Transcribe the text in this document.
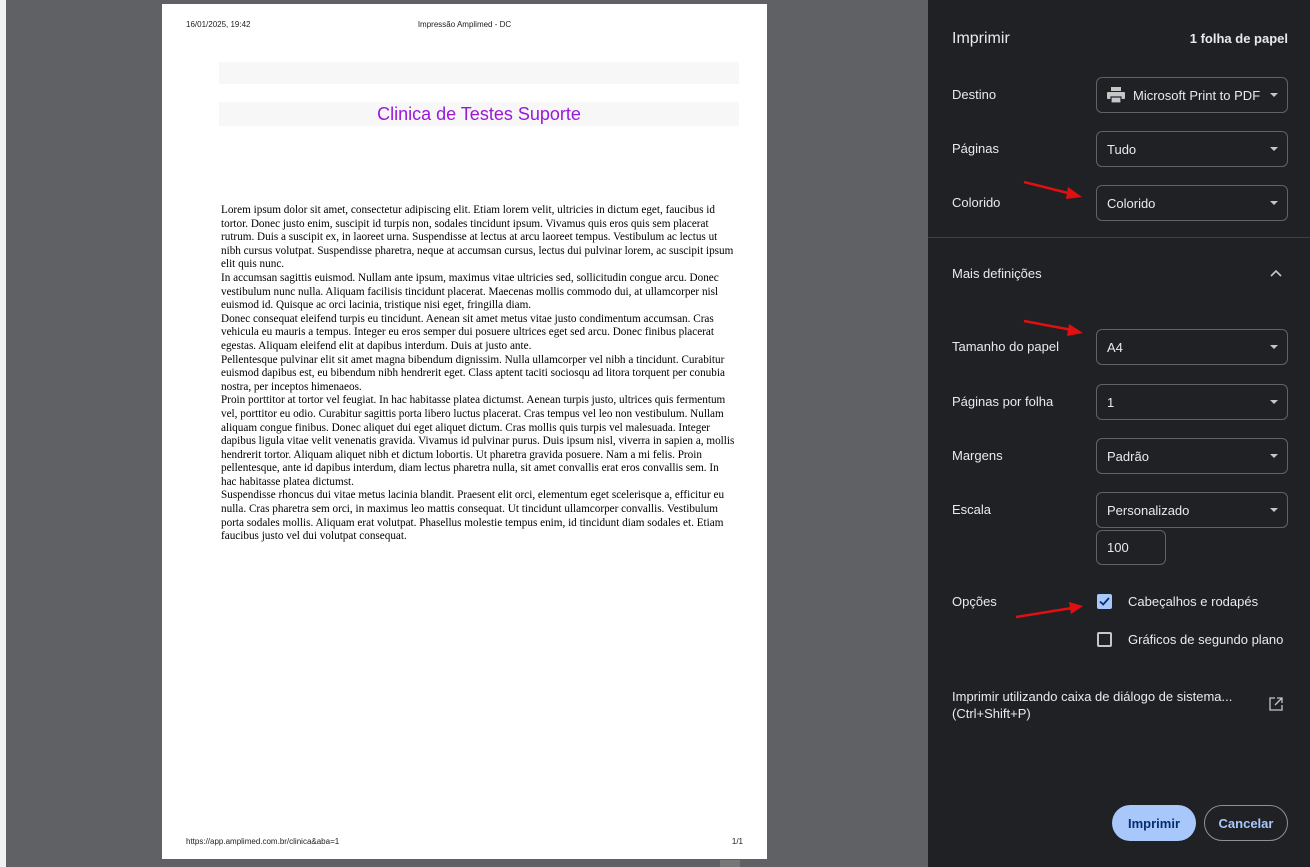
16/01/2025, 19:42	Impressão Amplimed - DC
Clinica de Testes Suporte

Lorem ipsum dolor sit amet, consectetur adipiscing elit. Etiam lorem velit, ultricies in dictum eget, faucibus id tortor. Donec justo enim, suscipit id turpis non, sodales tincidunt ipsum. Vivamus quis eros quis sem placerat rutrum. Duis a suscipit ex, in laoreet urna. Suspendisse at lectus at arcu laoreet tempus. Vestibulum ac lectus ut nibh cursus volutpat. Suspendisse pharetra, neque at accumsan cursus, lectus dui pulvinar lorem, ac suscipit ipsum elit quis nunc.

In accumsan sagittis euismod. Nullam ante ipsum, maximus vitae ultricies sed, sollicitudin congue arcu. Donec vestibulum nunc nulla. Aliquam facilisis tincidunt placerat. Maecenas mollis commodo dui, at ullamcorper nisl euismod id. Quisque ac orci lacinia, tristique nisi eget, fringilla diam.

Donec consequat eleifend turpis eu tincidunt. Aenean sit amet metus vitae justo condimentum accumsan. Cras vehicula eu mauris a tempus. Integer eu eros semper dui posuere ultrices eget sed arcu. Donec finibus placerat egestas. Aliquam eleifend elit at dapibus interdum. Duis at justo ante.

Pellentesque pulvinar elit sit amet magna bibendum dignissim. Nulla ullamcorper vel nibh a tincidunt. Curabitur euismod dapibus est, eu bibendum nibh hendrerit eget. Class aptent taciti sociosqu ad litora torquent per conubia nostra, per inceptos himenaeos.

Proin porttitor at tortor vel feugiat. In hac habitasse platea dictumst. Aenean turpis justo, ultrices quis fermentum vel, porttitor eu odio. Curabitur sagittis porta libero luctus placerat. Cras tempus vel leo non vestibulum. Nullam aliquam congue finibus. Donec aliquet dui eget aliquet dictum. Cras mollis quis turpis vel malesuada. Integer dapibus ligula vitae velit venenatis gravida. Vivamus id pulvinar purus. Duis ipsum nisl, viverra in sapien a, mollis hendrerit tortor. Aliquam aliquet nibh et dictum lobortis. Ut pharetra gravida posuere. Nam a mi felis. Proin pellentesque, ante id dapibus interdum, diam lectus pharetra nulla, sit amet convallis erat eros convallis sem. In hac habitasse platea dictumst.

Suspendisse rhoncus dui vitae metus lacinia blandit. Praesent elit orci, elementum eget scelerisque a, efficitur eu nulla. Cras pharetra sem orci, in maximus leo mattis consequat. Ut tincidunt ullamcorper convallis. Vestibulum porta sodales mollis. Aliquam erat volutpat. Phasellus molestie tempus enim, id tincidunt diam sodales et. Etiam faucibus justo vel dui volutpat consequat.

https://app.amplimed.com.br/clinica&aba=1	1/1
Imprimir	1 folha de papel
Destino	Microsoft Print to PDF
Páginas	Tudo
Colorido	Colorido
Mais definições
Tamanho do papel	A4
Páginas por folha	1
Margens	Padrão
Escala	Personalizado
100
Opções	Cabeçalhos e rodapés
Gráficos de segundo plano
Imprimir utilizando caixa de diálogo de sistema...
(Ctrl+Shift+P)
Imprimir	Cancelar
